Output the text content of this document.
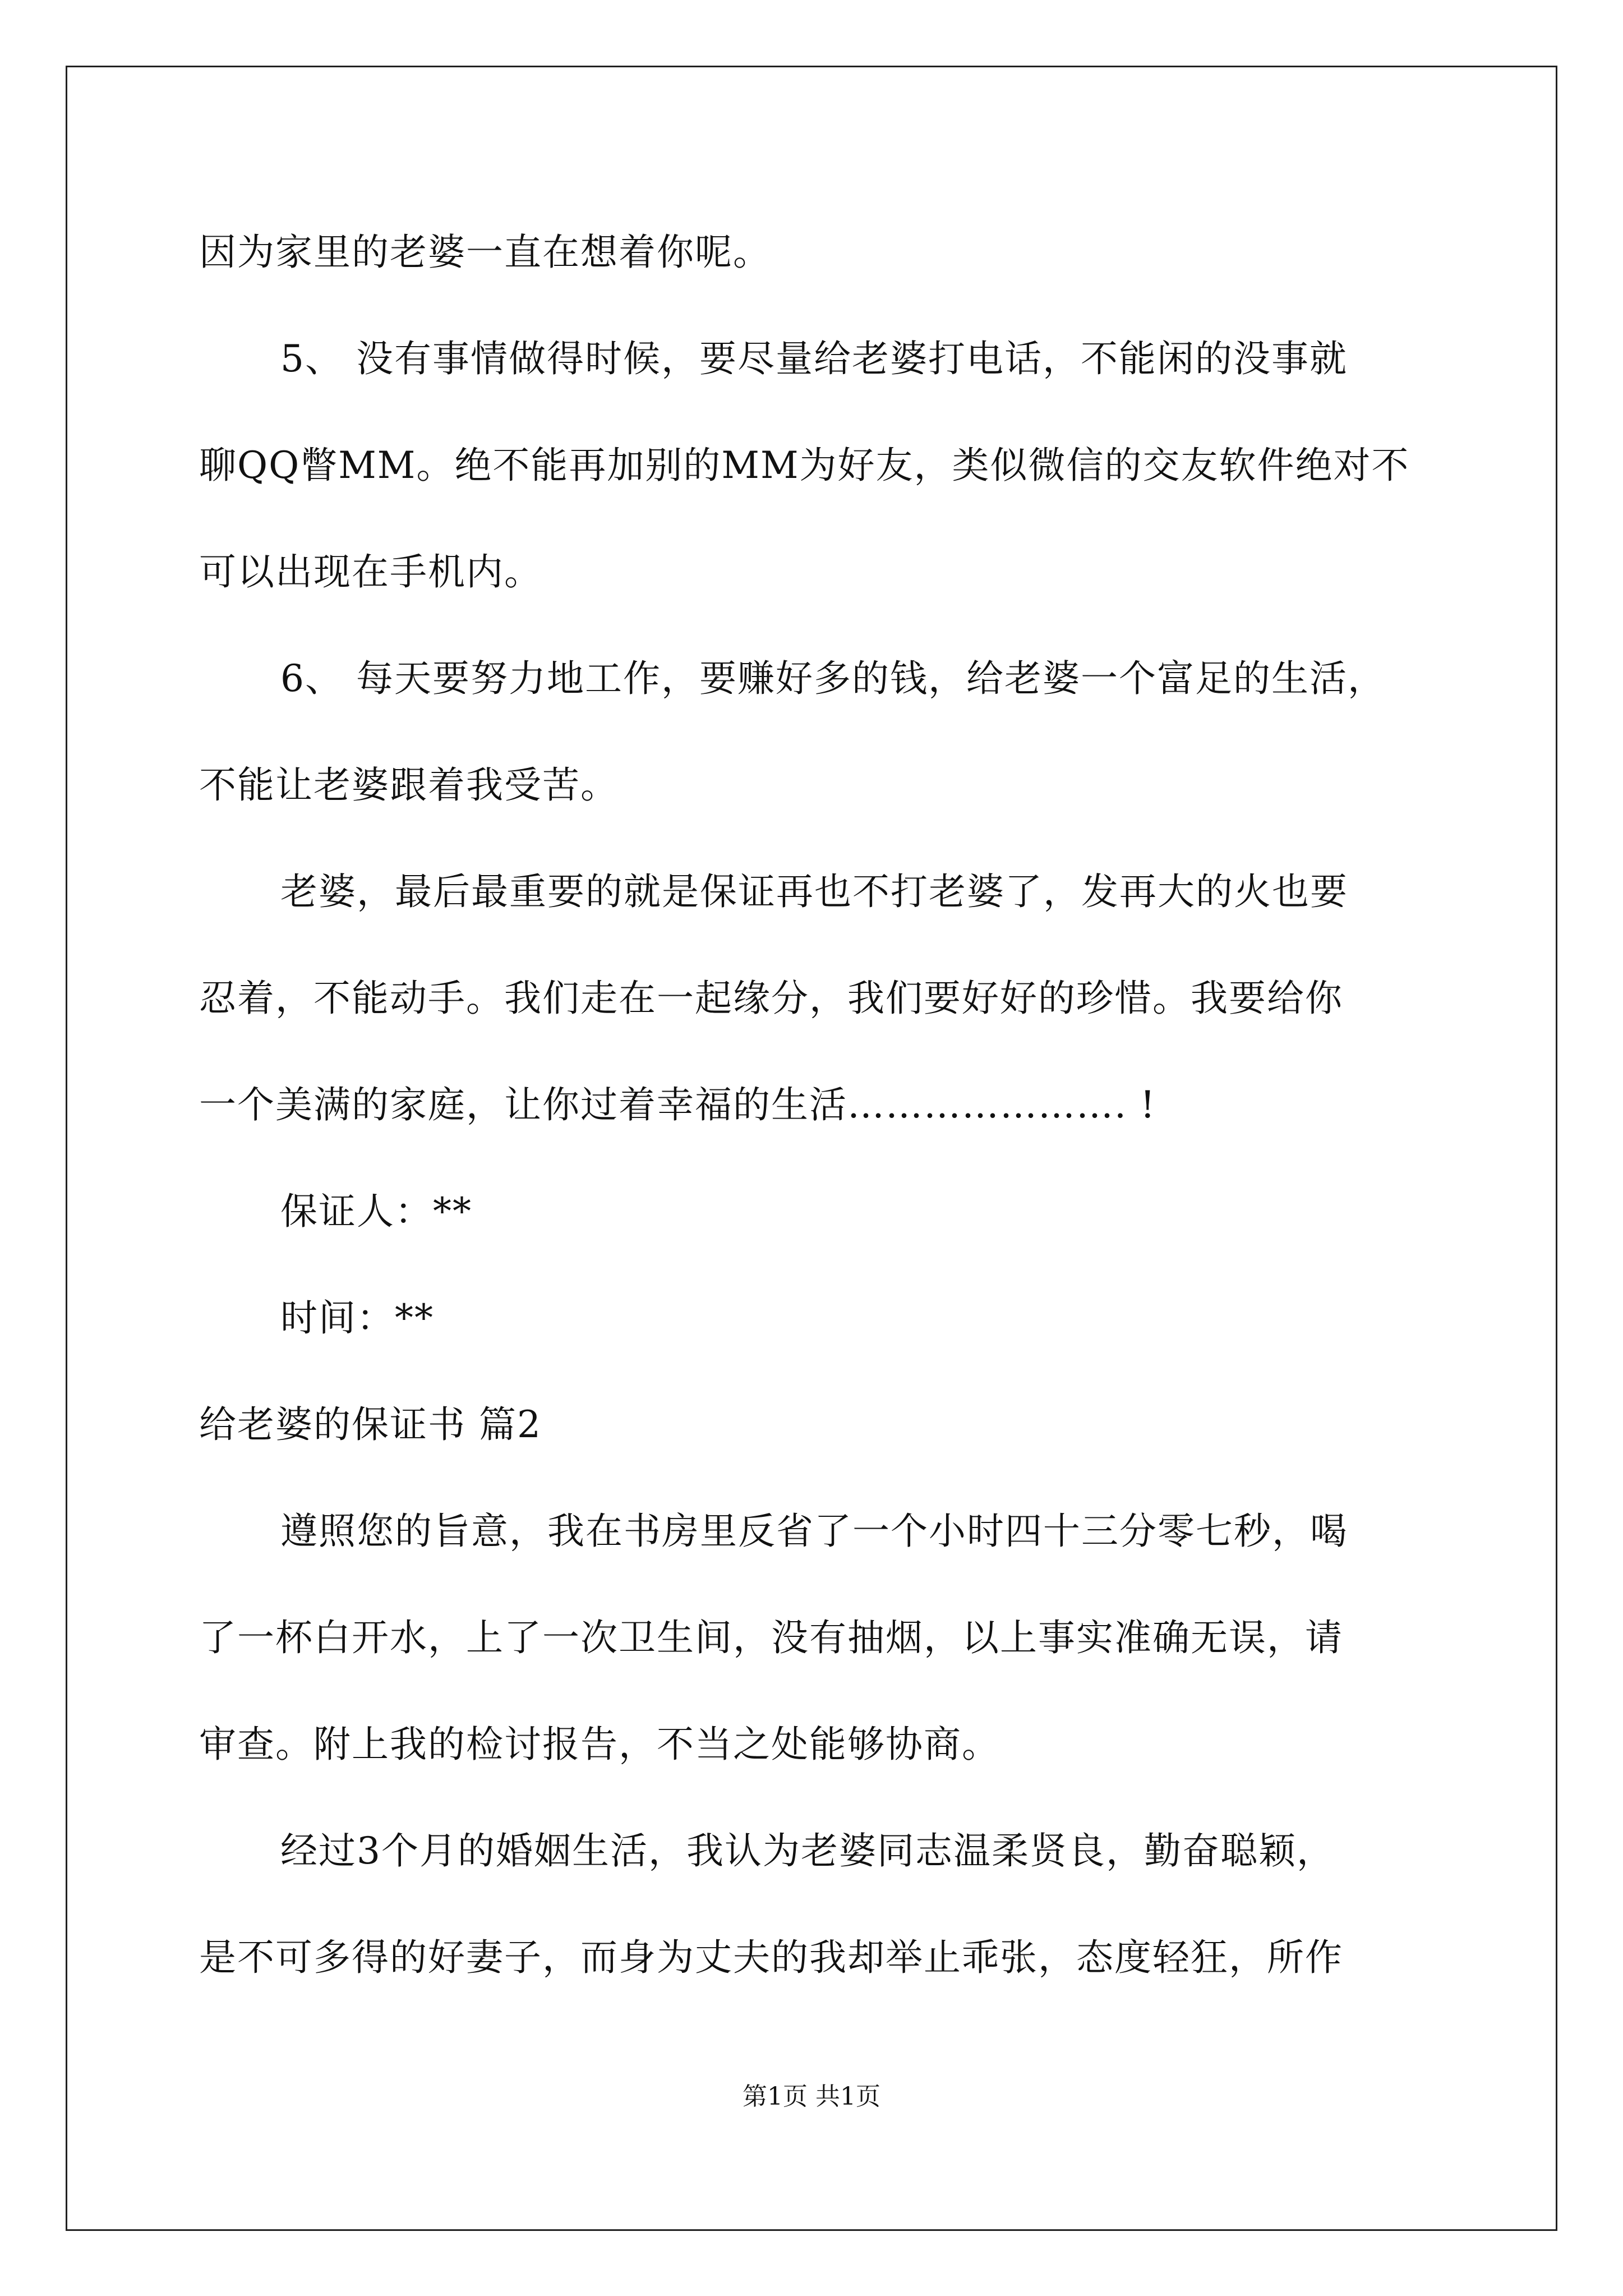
因为家里的老婆一直在想着你呢。
5、 没有事情做得时候，要尽量给老婆打电话，不能闲的没事就
聊QQ瞥MM。绝不能再加别的MM为好友，类似微信的交友软件绝对不
可以出现在手机内。
6、 每天要努力地工作，要赚好多的钱，给老婆一个富足的生活，
不能让老婆跟着我受苦。
老婆，最后最重要的就是保证再也不打老婆了，发再大的火也要
忍着，不能动手。我们走在一起缘分，我们要好好的珍惜。我要给你
一个美满的家庭，让你过着幸福的生活…………………. !
保证人：**
时间：**
给老婆的保证书 篇2
遵照您的旨意，我在书房里反省了一个小时四十三分零七秒，喝
了一杯白开水，上了一次卫生间，没有抽烟，以上事实准确无误，请
审查。附上我的检讨报告，不当之处能够协商。
经过3个月的婚姻生活，我认为老婆同志温柔贤良，勤奋聪颖，
是不可多得的好妻子，而身为丈夫的我却举止乖张，态度轻狂，所作
第1页 共1页
